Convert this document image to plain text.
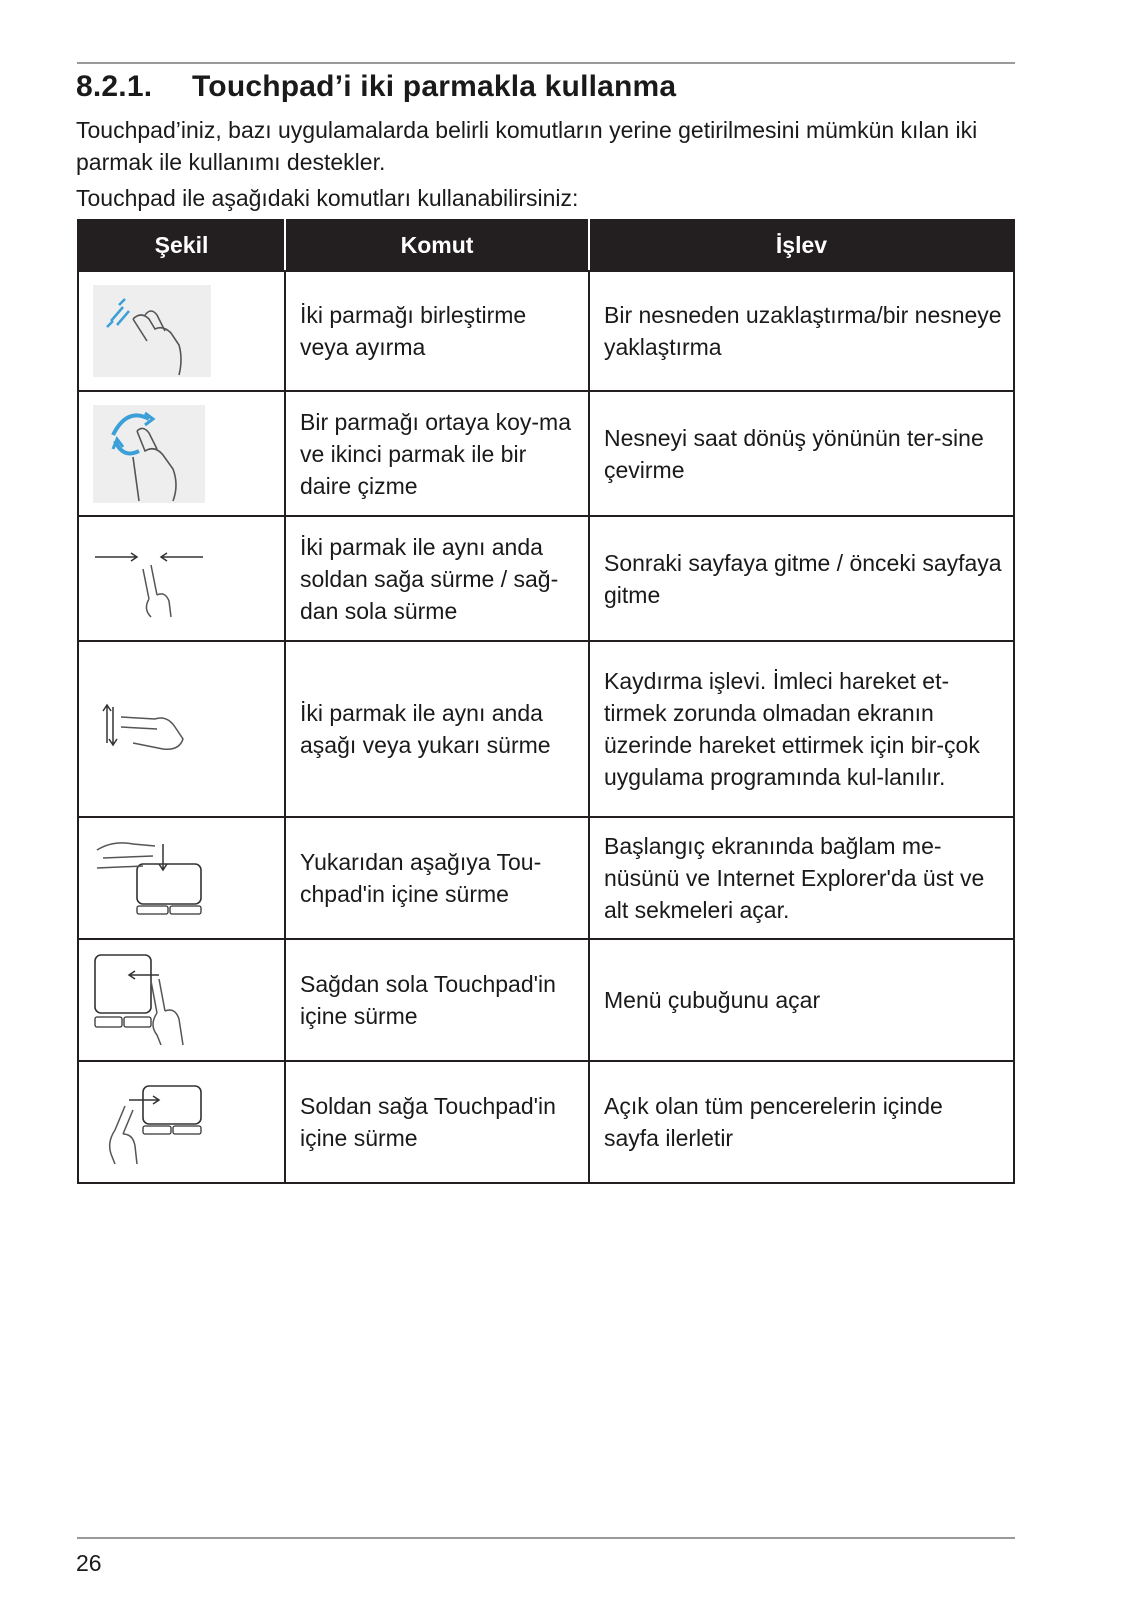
8.2.1. Touchpad’i iki parmakla kullanma

Touchpad’iniz, bazı uygulamalarda belirli komutların yerine getirilmesini mümkün kılan iki parmak ile kullanımı destekler.

Touchpad ile aşağıdaki komutları kullanabilirsiniz:

Şekil	Komut	İşlev

	İki parmağı birleştirme veya ayırma	Bir nesneden uzaklaştırma/bir nesneye yaklaştırma

	Bir parmağı ortaya koy-ma ve ikinci parmak ile bir daire çizme	Nesneyi saat dönüş yönünün ter-sine çevirme

	İki parmak ile aynı anda soldan sağa sürme / sağ-dan sola sürme	Sonraki sayfaya gitme / önceki sayfaya gitme

	İki parmak ile aynı anda aşağı veya yukarı sürme	Kaydırma işlevi. İmleci hareket et-tirmek zorunda olmadan ekranın üzerinde hareket ettirmek için bir-çok uygulama programında kul-lanılır.

	Yukarıdan aşağıya Tou-chpad'in içine sürme	Başlangıç ekranında bağlam me-nüsünü ve Internet Explorer'da üst ve alt sekmeleri açar.

	Sağdan sola Touchpad'in içine sürme	Menü çubuğunu açar

	Soldan sağa Touchpad'in içine sürme	Açık olan tüm pencerelerin içinde sayfa ilerletir
26
